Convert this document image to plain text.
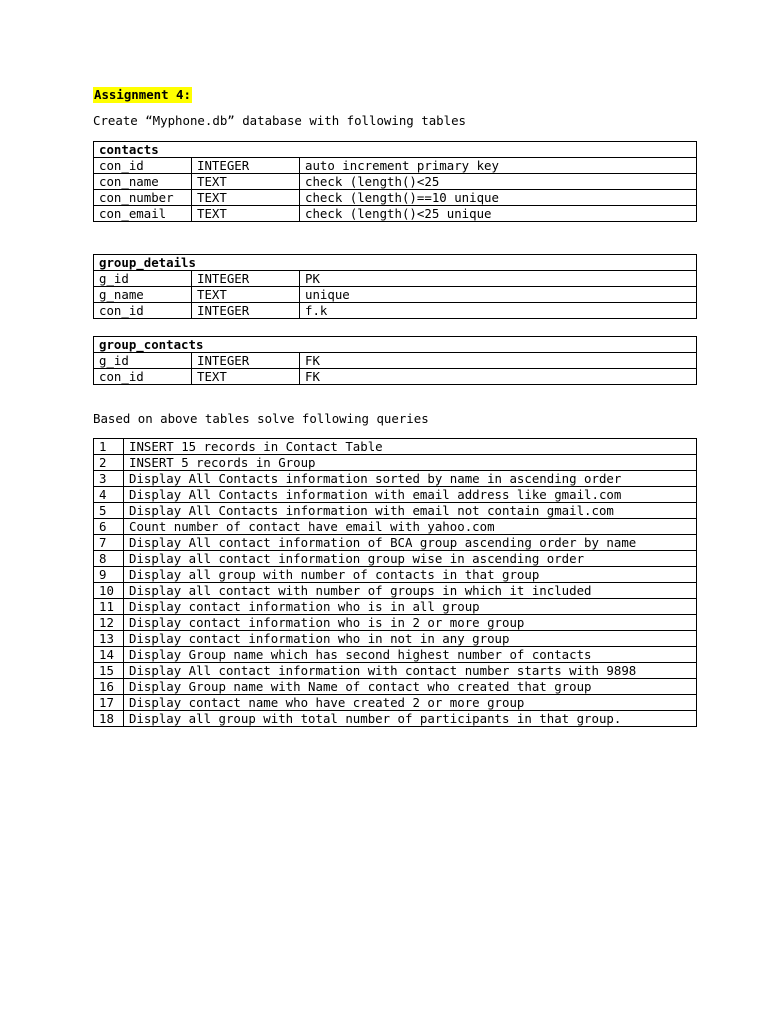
Assignment 4:
Create “Myphone.db” database with following tables
contacts		
con_id	INTEGER	auto increment primary key
con_name	TEXT	check (length()<25
con_number	TEXT	check (length()==10 unique
con_email	TEXT	check (length()<25 unique
group_details		
g_id	INTEGER	PK
g_name	TEXT	unique
con_id	INTEGER	f.k
group_contacts		
g_id	INTEGER	FK
con_id	TEXT	FK
Based on above tables solve following queries
1	INSERT 15 records in Contact Table
2	INSERT 5 records in Group
3	Display All Contacts information sorted by name in ascending order
4	Display All Contacts information with email address like gmail.com
5	Display All Contacts information with email not contain gmail.com
6	Count number of contact have email with yahoo.com
7	Display All contact information of BCA group ascending order by name
8	Display all contact information group wise in ascending order
9	Display all group with number of contacts in that group
10	Display all contact with number of groups in which it included
11	Display contact information who is in all group
12	Display contact information who is in 2 or more group
13	Display contact information who in not in any group
14	Display Group name which has second highest number of contacts
15	Display All contact information with contact number starts with 9898
16	Display Group name with Name of contact who created that group
17	Display contact name who have created 2 or more group
18	Display all group with total number of participants in that group.
